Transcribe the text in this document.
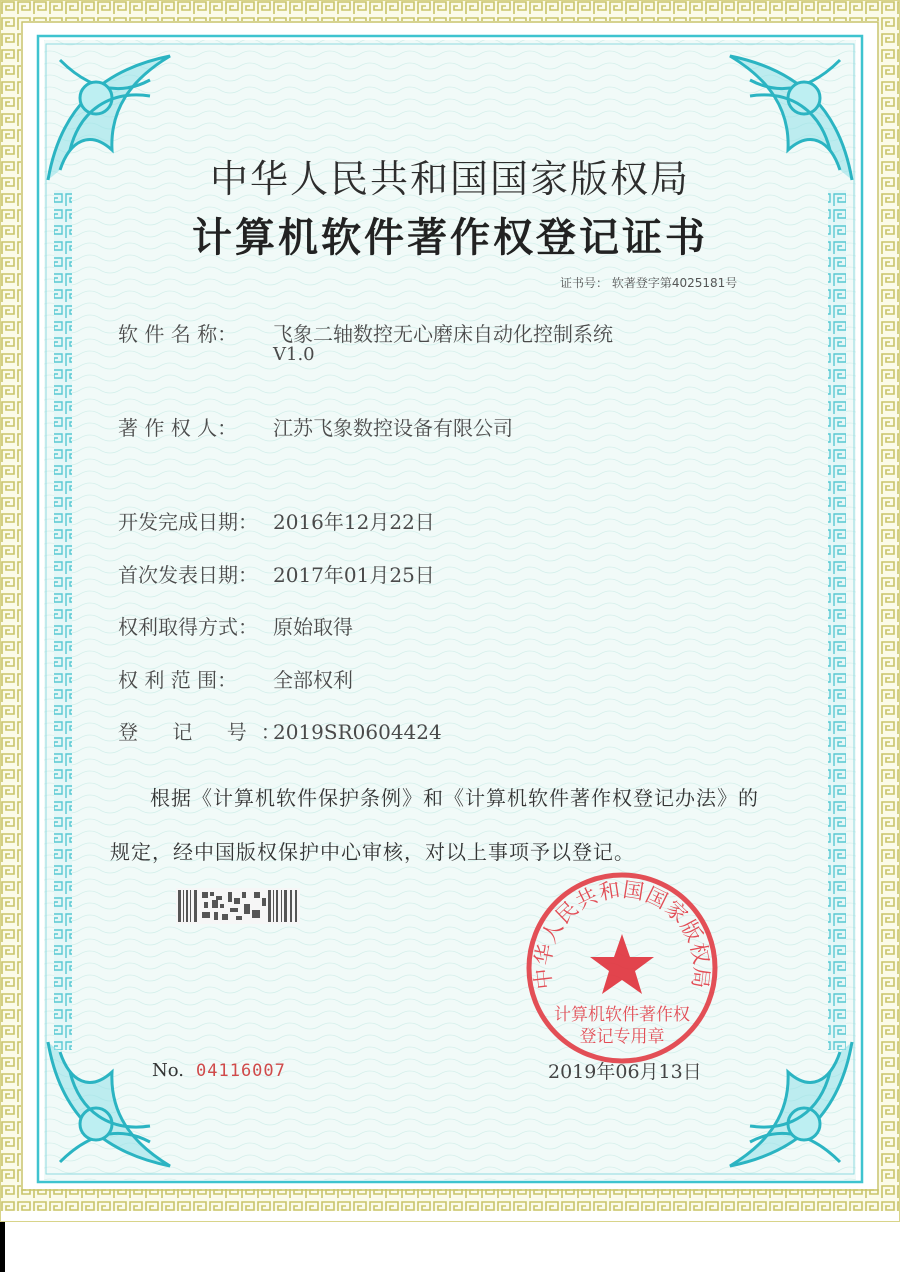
中华人民共和国国家版权局
计算机软件著作权登记证书
证书号： 软著登字第4025181号
软 件 名 称： 飞象二轴数控无心磨床自动化控制系统
V1.0
著 作 权 人： 江苏飞象数控设备有限公司
开发完成日期： 2016年12月22日
首次发表日期： 2017年01月25日
权利取得方式： 原始取得
权 利 范 围： 全部权利
登 记 号：2019SR0604424
根据《计算机软件保护条例》和《计算机软件著作权登记办法》的
规定，经中国版权保护中心审核，对以上事项予以登记。
No. 04116007	2019年06月13日
中华人民共和国国家版权局
计算机软件著作权
登记专用章
